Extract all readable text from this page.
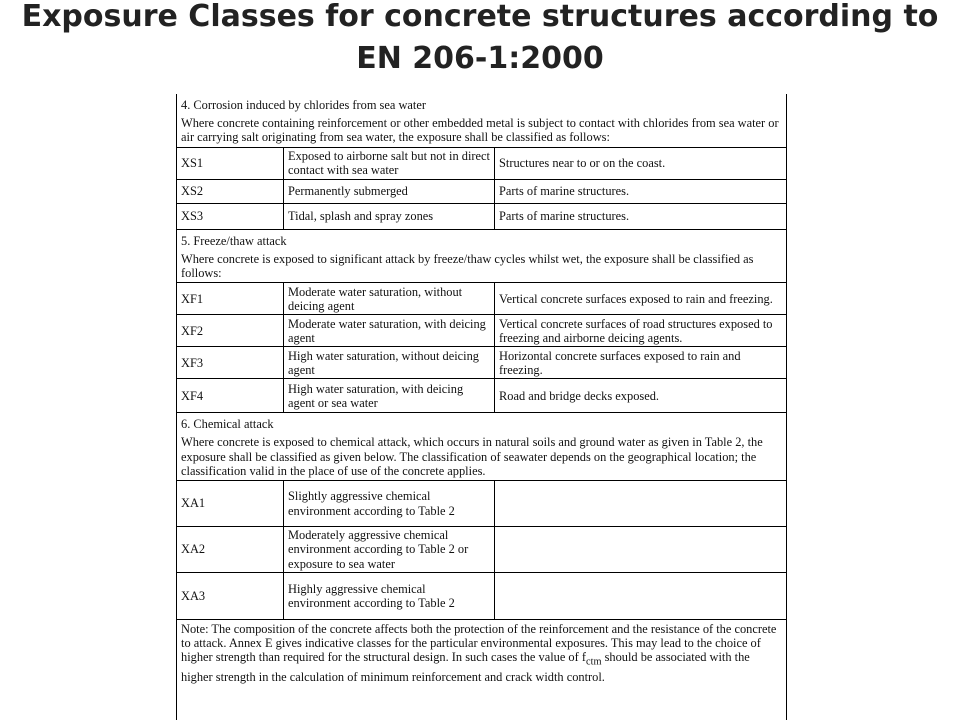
Exposure Classes for concrete structures according to
EN 206-1:2000
4. Corrosion induced by chlorides from sea water
Where concrete containing reinforcement or other embedded metal is subject to contact with chlorides from sea water or air carrying salt originating from sea water, the exposure shall be classified as follows:
XS1	Exposed to airborne salt but not in direct contact with sea water	Structures near to or on the coast.
XS2	Permanently submerged	Parts of marine structures.
XS3	Tidal, splash and spray zones	Parts of marine structures.
5. Freeze/thaw attack
Where concrete is exposed to significant attack by freeze/thaw cycles whilst wet, the exposure shall be classified as follows:
XF1	Moderate water saturation, without deicing agent	Vertical concrete surfaces exposed to rain and freezing.
XF2	Moderate water saturation, with deicing agent	Vertical concrete surfaces of road structures exposed to freezing and airborne deicing agents.
XF3	High water saturation, without deicing agent	Horizontal concrete surfaces exposed to rain and freezing.
XF4	High water saturation, with deicing agent or sea water	Road and bridge decks exposed.
6. Chemical attack
Where concrete is exposed to chemical attack, which occurs in natural soils and ground water as given in Table 2, the exposure shall be classified as given below. The classification of seawater depends on the geographical location; the classification valid in the place of use of the concrete applies.
XA1	Slightly aggressive chemical environment according to Table 2	
XA2	Moderately aggressive chemical environment according to Table 2 or exposure to sea water	
XA3	Highly aggressive chemical environment according to Table 2	
Note: The composition of the concrete affects both the protection of the reinforcement and the resistance of the concrete to attack. Annex E gives indicative classes for the particular environmental exposures. This may lead to the choice of higher strength than required for the structural design. In such cases the value of $f_{ctm}$ should be associated with the higher strength in the calculation of minimum reinforcement and crack width control.
